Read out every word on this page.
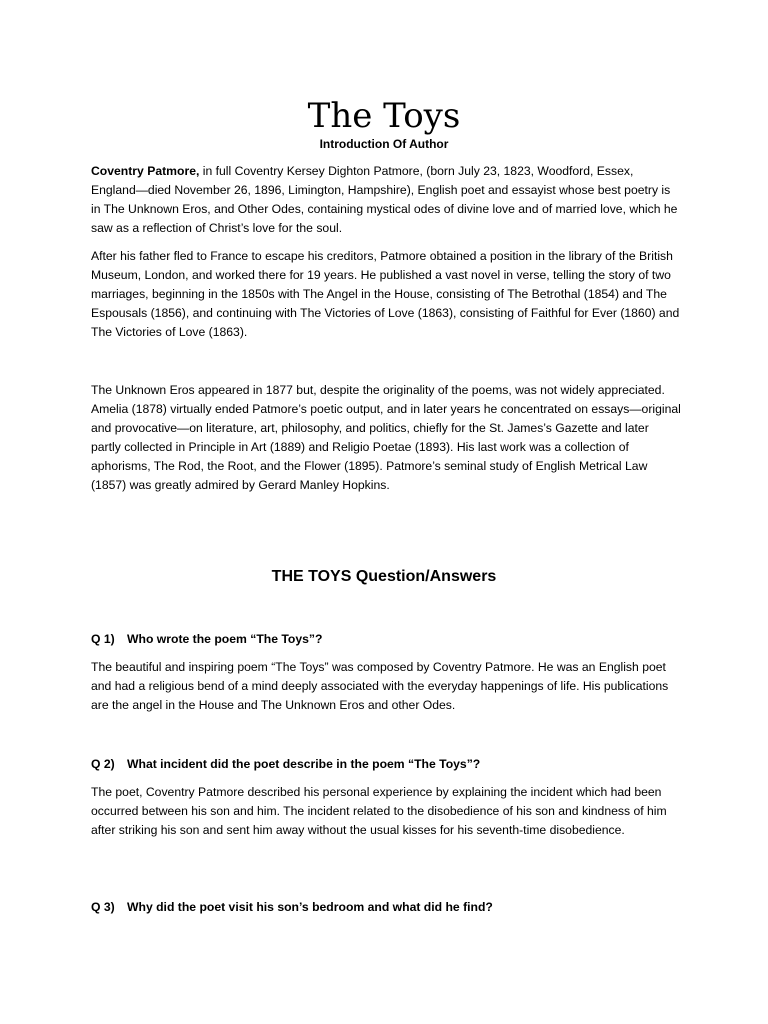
The Toys

Introduction Of Author

Coventry Patmore, in full Coventry Kersey Dighton Patmore, (born July 23, 1823, Woodford, Essex, England—died November 26, 1896, Limington, Hampshire), English poet and essayist whose best poetry is in The Unknown Eros, and Other Odes, containing mystical odes of divine love and of married love, which he saw as a reflection of Christ’s love for the soul.

After his father fled to France to escape his creditors, Patmore obtained a position in the library of the British Museum, London, and worked there for 19 years. He published a vast novel in verse, telling the story of two marriages, beginning in the 1850s with The Angel in the House, consisting of The Betrothal (1854) and The Espousals (1856), and continuing with The Victories of Love (1863), consisting of Faithful for Ever (1860) and The Victories of Love (1863).

The Unknown Eros appeared in 1877 but, despite the originality of the poems, was not widely appreciated. Amelia (1878) virtually ended Patmore’s poetic output, and in later years he concentrated on essays—original and provocative—on literature, art, philosophy, and politics, chiefly for the St. James’s Gazette and later partly collected in Principle in Art (1889) and Religio Poetae (1893). His last work was a collection of aphorisms, The Rod, the Root, and the Flower (1895). Patmore’s seminal study of English Metrical Law (1857) was greatly admired by Gerard Manley Hopkins.

THE TOYS Question/Answers

Q 1) Who wrote the poem “The Toys”?

The beautiful and inspiring poem “The Toys” was composed by Coventry Patmore. He was an English poet and had a religious bend of a mind deeply associated with the everyday happenings of life. His publications are the angel in the House and The Unknown Eros and other Odes.

Q 2) What incident did the poet describe in the poem “The Toys”?

The poet, Coventry Patmore described his personal experience by explaining the incident which had been occurred between his son and him. The incident related to the disobedience of his son and kindness of him after striking his son and sent him away without the usual kisses for his seventh-time disobedience.

Q 3) Why did the poet visit his son’s bedroom and what did he find?
